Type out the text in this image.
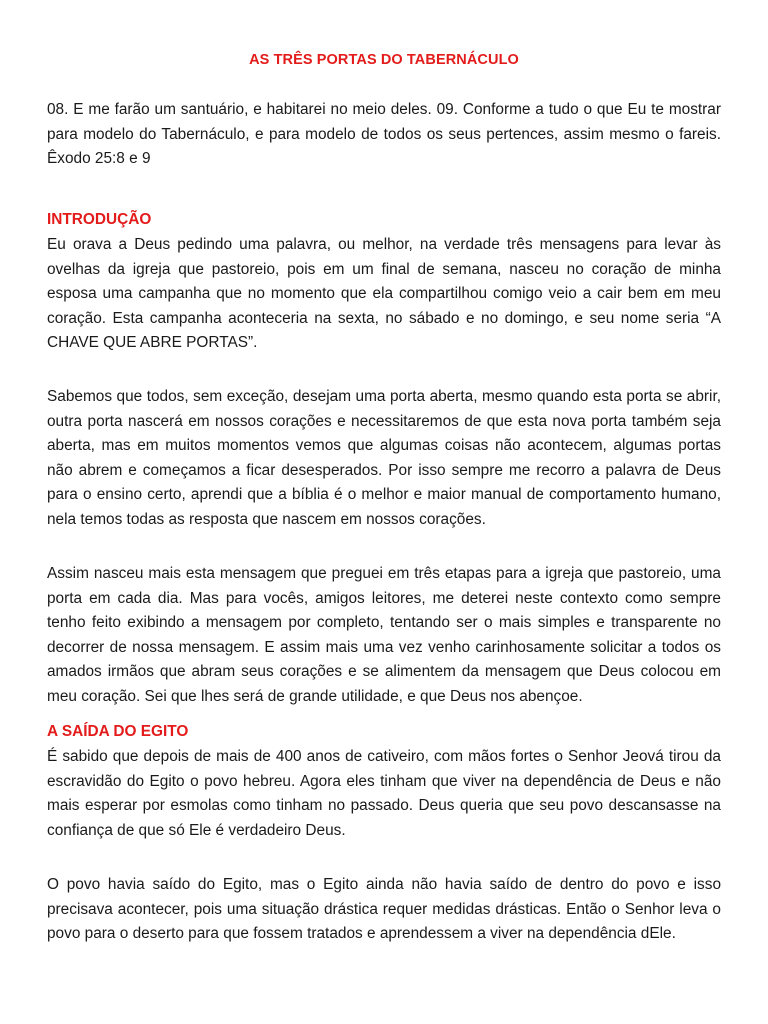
AS TRÊS PORTAS DO TABERNÁCULO

08. E me farão um santuário, e habitarei no meio deles. 09. Conforme a tudo o que Eu te mostrar para modelo do Tabernáculo, e para modelo de todos os seus pertences, assim mesmo o fareis. Êxodo 25:8 e 9

INTRODUÇÃO

Eu orava a Deus pedindo uma palavra, ou melhor, na verdade três mensagens para levar às ovelhas da igreja que pastoreio, pois em um final de semana, nasceu no coração de minha esposa uma campanha que no momento que ela compartilhou comigo veio a cair bem em meu coração. Esta campanha aconteceria na sexta, no sábado e no domingo, e seu nome seria “A CHAVE QUE ABRE PORTAS”.

Sabemos que todos, sem exceção, desejam uma porta aberta, mesmo quando esta porta se abrir, outra porta nascerá em nossos corações e necessitaremos de que esta nova porta também seja aberta, mas em muitos momentos vemos que algumas coisas não acontecem, algumas portas não abrem e começamos a ficar desesperados. Por isso sempre me recorro a palavra de Deus para o ensino certo, aprendi que a bíblia é o melhor e maior manual de comportamento humano, nela temos todas as resposta que nascem em nossos corações.

Assim nasceu mais esta mensagem que preguei em três etapas para a igreja que pastoreio, uma porta em cada dia. Mas para vocês, amigos leitores, me deterei neste contexto como sempre tenho feito exibindo a mensagem por completo, tentando ser o mais simples e transparente no decorrer de nossa mensagem. E assim mais uma vez venho carinhosamente solicitar a todos os amados irmãos que abram seus corações e se alimentem da mensagem que Deus colocou em meu coração. Sei que lhes será de grande utilidade, e que Deus nos abençoe.

A SAÍDA DO EGITO

É sabido que depois de mais de 400 anos de cativeiro, com mãos fortes o Senhor Jeová tirou da escravidão do Egito o povo hebreu. Agora eles tinham que viver na dependência de Deus e não mais esperar por esmolas como tinham no passado. Deus queria que seu povo descansasse na confiança de que só Ele é verdadeiro Deus.

O povo havia saído do Egito, mas o Egito ainda não havia saído de dentro do povo e isso precisava acontecer, pois uma situação drástica requer medidas drásticas. Então o Senhor leva o povo para o deserto para que fossem tratados e aprendessem a viver na dependência dEle.
